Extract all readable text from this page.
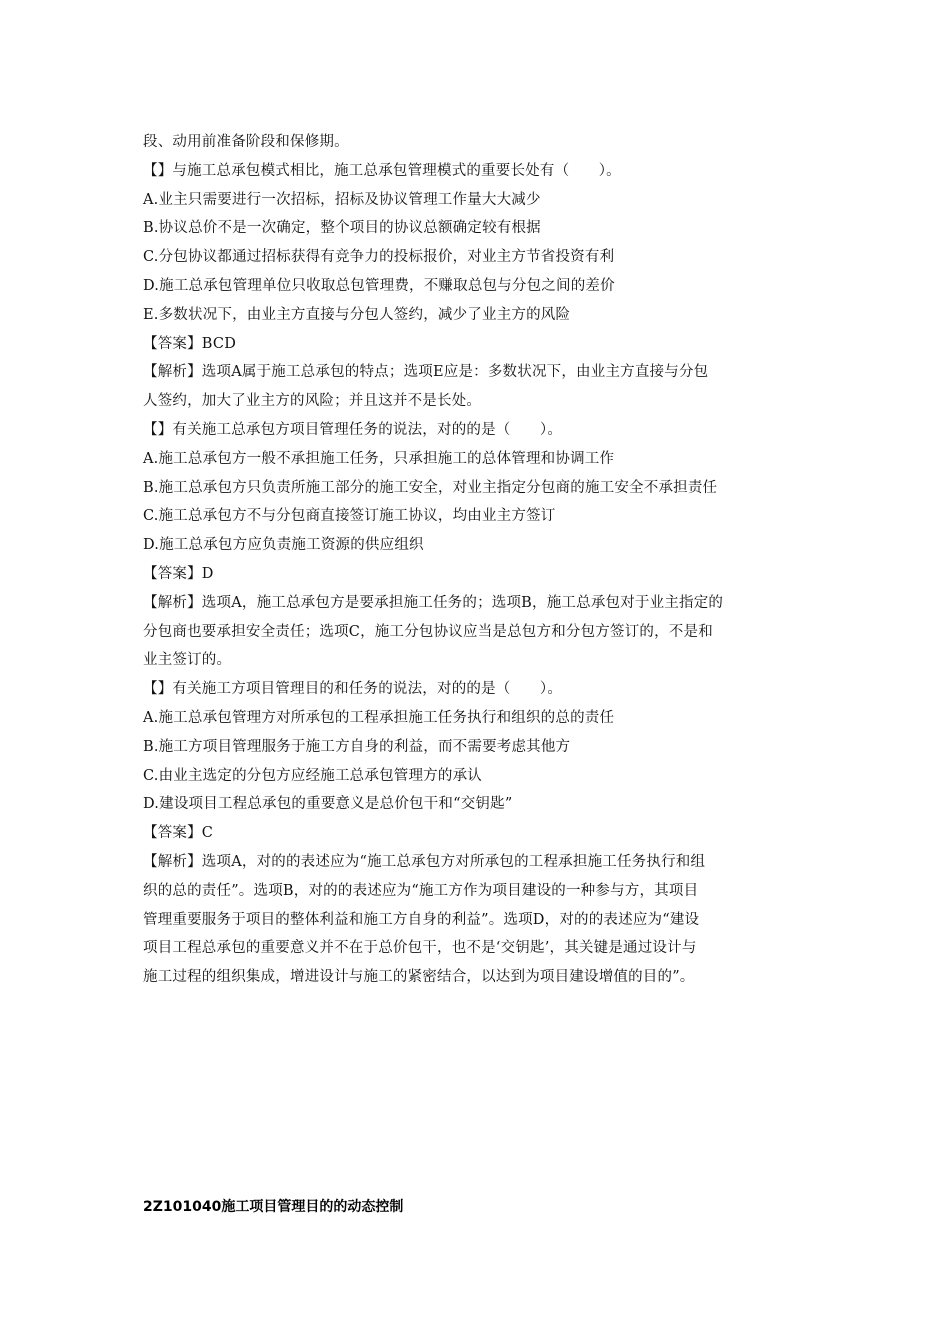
段、动用前准备阶段和保修期。
【】与施工总承包模式相比，施工总承包管理模式的重要长处有（　　）。
A.业主只需要进行一次招标，招标及协议管理工作量大大减少
B.协议总价不是一次确定，整个项目的协议总额确定较有根据
C.分包协议都通过招标获得有竞争力的投标报价，对业主方节省投资有利
D.施工总承包管理单位只收取总包管理费，不赚取总包与分包之间的差价
E.多数状况下，由业主方直接与分包人签约，减少了业主方的风险
【答案】BCD
【解析】选项A属于施工总承包的特点；选项E应是：多数状况下，由业主方直接与分包
人签约，加大了业主方的风险；并且这并不是长处。
【】有关施工总承包方项目管理任务的说法，对的的是（　　）。
A.施工总承包方一般不承担施工任务，只承担施工的总体管理和协调工作
B.施工总承包方只负责所施工部分的施工安全，对业主指定分包商的施工安全不承担责任
C.施工总承包方不与分包商直接签订施工协议，均由业主方签订
D.施工总承包方应负责施工资源的供应组织
【答案】D
【解析】选项A，施工总承包方是要承担施工任务的；选项B，施工总承包对于业主指定的
分包商也要承担安全责任；选项C，施工分包协议应当是总包方和分包方签订的，不是和
业主签订的。
【】有关施工方项目管理目的和任务的说法，对的的是（　　）。
A.施工总承包管理方对所承包的工程承担施工任务执行和组织的总的责任
B.施工方项目管理服务于施工方自身的利益，而不需要考虑其他方
C.由业主选定的分包方应经施工总承包管理方的承认
D.建设项目工程总承包的重要意义是总价包干和“交钥匙”
【答案】C
【解析】选项A，对的的表述应为“施工总承包方对所承包的工程承担施工任务执行和组
织的总的责任”。选项B，对的的表述应为“施工方作为项目建设的一种参与方，其项目
管理重要服务于项目的整体利益和施工方自身的利益”。选项D，对的的表述应为“建设
项目工程总承包的重要意义并不在于总价包干，也不是‘交钥匙’，其关键是通过设计与
施工过程的组织集成，增进设计与施工的紧密结合，以达到为项目建设增值的目的”。
2Z101040施工项目管理目的的动态控制
